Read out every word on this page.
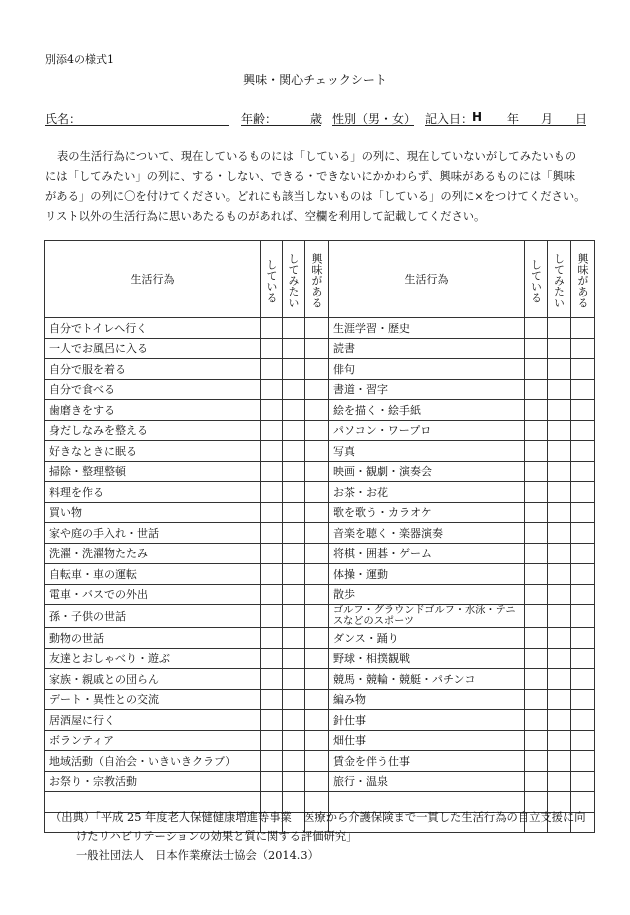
別添4の様式1
興味・関心チェックシート
氏名：	年齢：	歳 性別（男・女） 記入日：
H 年 月 日

表の生活行為について、現在しているものには「している」の列に、現在していないがしてみたいもの

には「してみたい」の列に、する・しない、できる・できないにかかわらず、興味があるものには「興味
がある」の列に〇を付けてください。どれにも該当しないものは「している」の列に×をつけてください。
リスト以外の生活行為に思いあたるものがあれば、空欄を利用して記載してください。
生活行為	している	してみたい	興味がある	生活行為	している	してみたい	興味がある

自分でトイレへ行く				生涯学習・歴史			
一人でお風呂に入る				読書			
自分で服を着る				俳句			
自分で食べる				書道・習字			
歯磨きをする				絵を描く・絵手紙			
身だしなみを整える				パソコン・ワープロ			
好きなときに眠る				写真			
掃除・整理整頓				映画・観劇・演奏会			
料理を作る				お茶・お花			
買い物				歌を歌う・カラオケ			
家や庭の手入れ・世話				音楽を聴く・楽器演奏			
洗濯・洗濯物たたみ				将棋・囲碁・ゲーム			
自転車・車の運転				体操・運動			
電車・バスでの外出				散歩			
孫・子供の世話				ゴルフ・グラウンドゴルフ・水泳・テニスなどのスポーツ			
動物の世話				ダンス・踊り			
友達とおしゃべり・遊ぶ				野球・相撲観戦			
家族・親戚との団らん				競馬・競輪・競艇・パチンコ			
デート・異性との交流				編み物			
居酒屋に行く				針仕事			
ボランティア				畑仕事			
地域活動（自治会・いきいきクラブ）				賃金を伴う仕事			
お祭り・宗教活動				旅行・温泉			

（出典）「平成 25 年度老人保健健康増進等事業　医療から介護保険まで一貫した生活行為の自立支援に向
けたリハビリテーションの効果と質に関する評価研究」
一般社団法人　日本作業療法士協会（2014.3）
